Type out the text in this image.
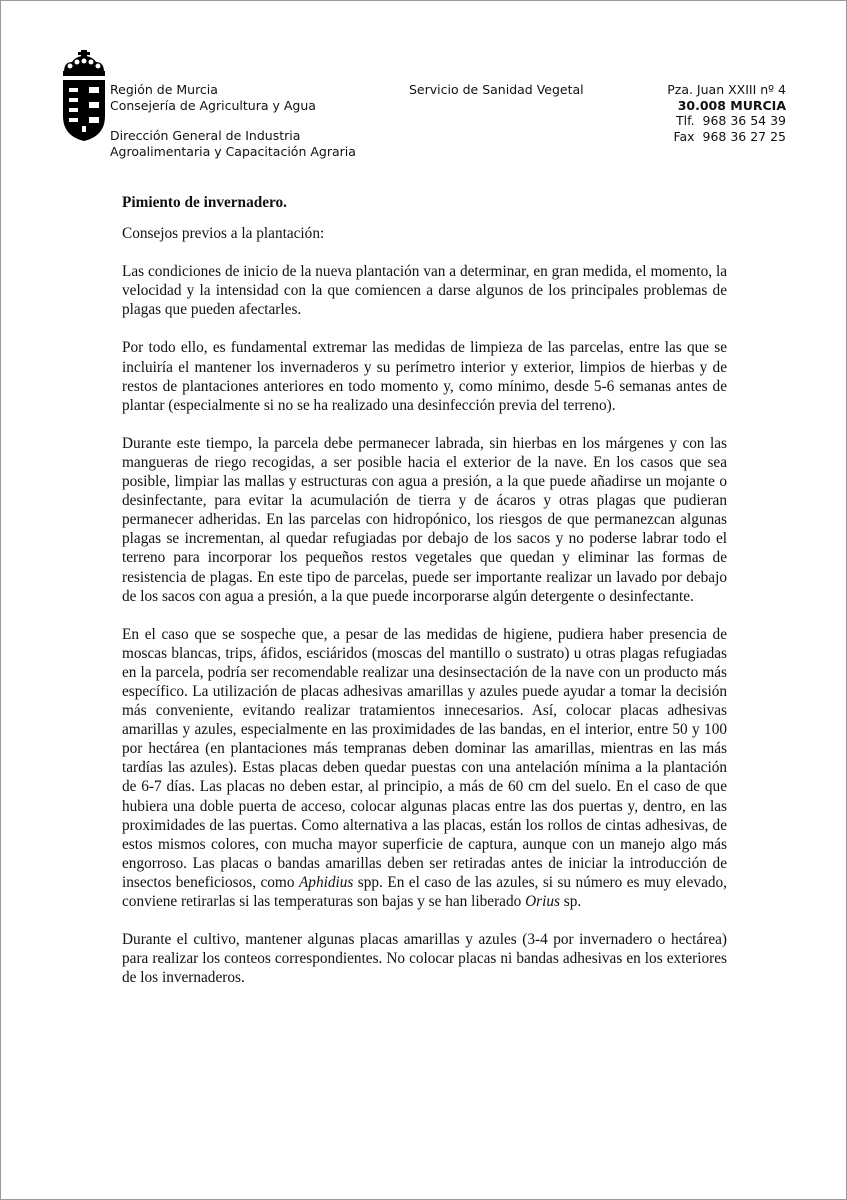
Región de Murcia
Consejería de Agricultura y Agua
Dirección General de Industria
Agroalimentaria y Capacitación Agraria
Servicio de Sanidad Vegetal	Pza. Juan XXIII nº 4
30.008 MURCIA
Tlf.  968 36 54 39
Fax  968 36 27 25

Pimiento de invernadero.

Consejos previos a la plantación:

Las condiciones de inicio de la nueva plantación van a determinar, en gran medida, el momento, la velocidad y la intensidad con la que comiencen a darse algunos de los principales problemas de plagas que pueden afectarles.

Por todo ello, es fundamental extremar las medidas de limpieza de las parcelas, entre las que se incluiría el mantener los invernaderos y su perímetro interior y exterior, limpios de hierbas y de restos de plantaciones anteriores en todo momento y, como mínimo, desde 5-6 semanas antes de plantar (especialmente si no se ha realizado una desinfección previa del terreno).

Durante este tiempo, la parcela debe permanecer labrada, sin hierbas en los márgenes y con las mangueras de riego recogidas, a ser posible hacia el exterior de la nave. En los casos que sea posible, limpiar las mallas y estructuras con agua a presión, a la que puede añadirse un mojante o desinfectante, para evitar la acumulación de tierra y de ácaros y otras plagas que pudieran permanecer adheridas. En las parcelas con hidropónico, los riesgos de que permanezcan algunas plagas se incrementan, al quedar refugiadas por debajo de los sacos y no poderse labrar todo el terreno para incorporar los pequeños restos vegetales que quedan y eliminar las formas de resistencia de plagas. En este tipo de parcelas, puede ser importante realizar un lavado por debajo de los sacos con agua a presión, a la que puede incorporarse algún detergente o desinfectante.

En el caso que se sospeche que, a pesar de las medidas de higiene, pudiera haber presencia de moscas blancas, trips, áfidos, esciáridos (moscas del mantillo o sustrato) u otras plagas refugiadas en la parcela, podría ser recomendable realizar una desinsectación de la nave con un producto más específico. La utilización de placas adhesivas amarillas y azules puede ayudar a tomar la decisión más conveniente, evitando realizar tratamientos innecesarios. Así, colocar placas adhesivas amarillas y azules, especialmente en las proximidades de las bandas, en el interior, entre 50 y 100 por hectárea (en plantaciones más tempranas deben dominar las amarillas, mientras en las más tardías las azules). Estas placas deben quedar puestas con una antelación mínima a la plantación de 6-7 días. Las placas no deben estar, al principio, a más de 60 cm del suelo. En el caso de que hubiera una doble puerta de acceso, colocar algunas placas entre las dos puertas y, dentro, en las proximidades de las puertas. Como alternativa a las placas, están los rollos de cintas adhesivas, de estos mismos colores, con mucha mayor superficie de captura, aunque con un manejo algo más engorroso. Las placas o bandas amarillas deben ser retiradas antes de iniciar la introducción de insectos beneficiosos, como Aphidius spp. En el caso de las azules, si su número es muy elevado, conviene retirarlas si las temperaturas son bajas y se han liberado Orius sp.

Durante el cultivo, mantener algunas placas amarillas y azules (3-4 por invernadero o hectárea) para realizar los conteos correspondientes. No colocar placas ni bandas adhesivas en los exteriores de los invernaderos.
